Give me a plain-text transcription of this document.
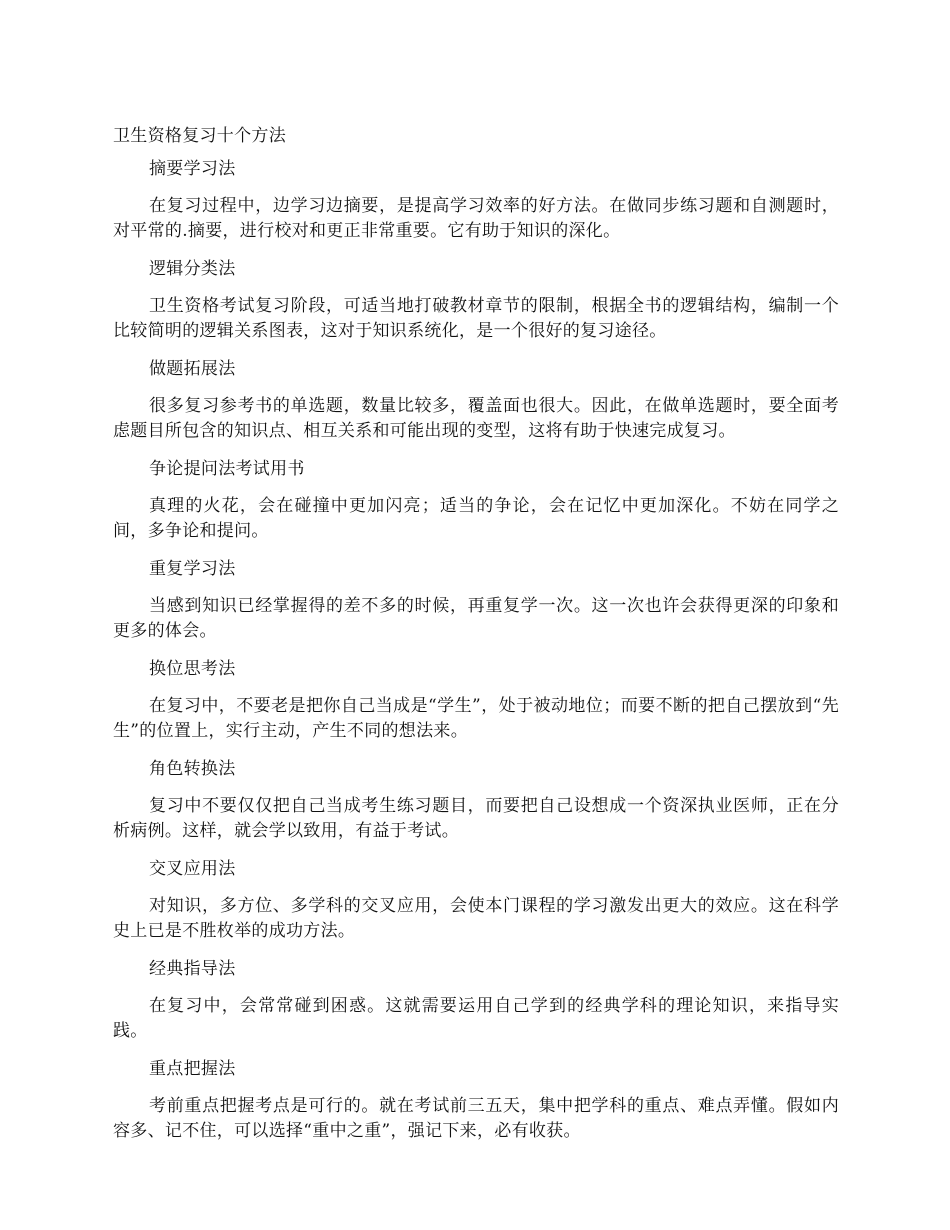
卫生资格复习十个方法
摘要学习法

在复习过程中，边学习边摘要，是提高学习效率的好方法。在做同步练习题和自测题时，对平常的.摘要，进行校对和更正非常重要。它有助于知识的深化。

逻辑分类法

卫生资格考试复习阶段，可适当地打破教材章节的限制，根据全书的逻辑结构，编制一个比较简明的逻辑关系图表，这对于知识系统化，是一个很好的复习途径。

做题拓展法

很多复习参考书的单选题，数量比较多，覆盖面也很大。因此，在做单选题时，要全面考虑题目所包含的知识点、相互关系和可能出现的变型，这将有助于快速完成复习。

争论提问法考试用书

真理的火花，会在碰撞中更加闪亮；适当的争论，会在记忆中更加深化。不妨在同学之间，多争论和提问。

重复学习法

当感到知识已经掌握得的差不多的时候，再重复学一次。这一次也许会获得更深的印象和更多的体会。

换位思考法

在复习中，不要老是把你自己当成是“学生”，处于被动地位；而要不断的把自己摆放到“先生”的位置上，实行主动，产生不同的想法来。

角色转换法

复习中不要仅仅把自己当成考生练习题目，而要把自己设想成一个资深执业医师，正在分析病例。这样，就会学以致用，有益于考试。

交叉应用法

对知识，多方位、多学科的交叉应用，会使本门课程的学习激发出更大的效应。这在科学史上已是不胜枚举的成功方法。

经典指导法

在复习中，会常常碰到困惑。这就需要运用自己学到的经典学科的理论知识，来指导实践。

重点把握法

考前重点把握考点是可行的。就在考试前三五天，集中把学科的重点、难点弄懂。假如内容多、记不住，可以选择“重中之重”，强记下来，必有收获。
